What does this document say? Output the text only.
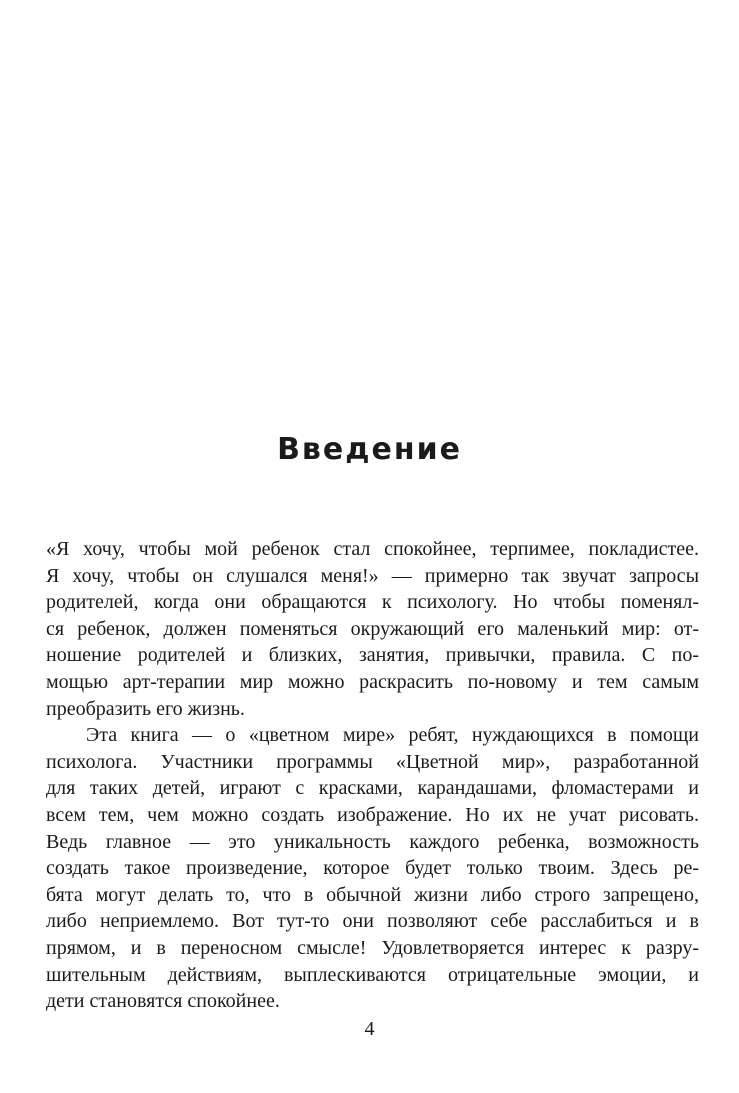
Введение
«Я хочу, чтобы мой ребенок стал спокойнее, терпимее, покладистее.
Я хочу, чтобы он слушался меня!» — примерно так звучат запросы
родителей, когда они обращаются к психологу. Но чтобы поменял-
ся ребенок, должен поменяться окружающий его маленький мир: от-
ношение родителей и близких, занятия, привычки, правила. С по-
мощью арт-терапии мир можно раскрасить по-новому и тем самым
преобразить его жизнь.
Эта книга — о «цветном мире» ребят, нуждающихся в помощи
психолога. Участники программы «Цветной мир», разработанной
для таких детей, играют с красками, карандашами, фломастерами и
всем тем, чем можно создать изображение. Но их не учат рисовать.
Ведь главное — это уникальность каждого ребенка, возможность
создать такое произведение, которое будет только твоим. Здесь ре-
бята могут делать то, что в обычной жизни либо строго запрещено,
либо неприемлемо. Вот тут-то они позволяют себе расслабиться и в
прямом, и в переносном смысле! Удовлетворяется интерес к разру-
шительным действиям, выплескиваются отрицательные эмоции, и
дети становятся спокойнее.
4
